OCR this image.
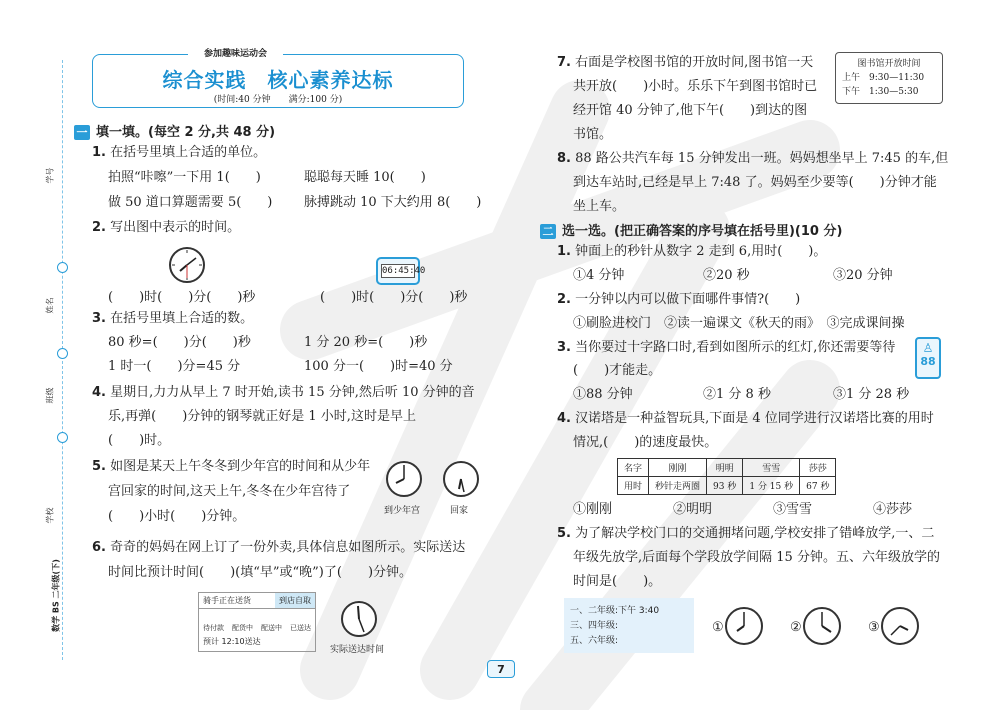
学号
姓名
班级
学校
数学 BS 二年级(下)
参加趣味运动会
综合实践　核心素养达标
(时间:40 分钟　　满分:100 分)
一 填一填。(每空 2 分,共 48 分)
1. 在括号里填上合适的单位。
拍照“咔嚓”一下用 1(　　)	聪聪每天睡 10(　　)
做 50 道口算题需要 5(　　) 脉搏跳动 10 下大约用 8(　　)
2. 写出图中表示的时间。
06:45:40
(　　)时(　　)分(　　)秒	(　　)时(　　)分(　　)秒
3. 在括号里填上合适的数。
80 秒=(　　)分(　　)秒	1 分 20 秒=(　　)秒
1 时一(　　)分=45 分	100 分一(　　)时=40 分
4. 星期日,力力从早上 7 时开始,读书 15 分钟,然后听 10 分钟的音
乐,再弹(　　)分钟的钢琴就正好是 1 小时,这时是早上
(　　)时。
5. 如图是某天上午冬冬到少年宫的时间和从少年
宫回家的时间,这天上午,冬冬在少年宫待了
(　　)小时(　　)分钟。	到少年宫	回家
6. 奇奇的妈妈在网上订了一份外卖,具体信息如图所示。实际送达
时间比预计时间(　　)(填“早”或“晚”)了(　　)分钟。
骑手正在送货	到店自取
待付款 配货中 配送中 已送达
预计 12:10送达
实际送达时间
7. 右面是学校图书馆的开放时间,图书馆一天
共开放(　　)小时。乐乐下午到图书馆时已
经开馆 40 分钟了,他下午(　　)到达的图
书馆。
图书馆开放时间
上午　9:30—11:30
下午　1:30—5:30
8. 88 路公共汽车每 15 分钟发出一班。妈妈想坐早上 7:45 的车,但
到达车站时,已经是早上 7:48 了。妈妈至少要等(　　)分钟才能
坐上车。
二 选一选。(把正确答案的序号填在括号里)(10 分)
1. 钟面上的秒针从数字 2 走到 6,用时(　　)。
①4 分钟	②20 秒	③20 分钟
2. 一分钟以内可以做下面哪件事情?(　　)
①刷脸进校门　②读一遍课文《秋天的雨》　③完成课间操
3. 当你要过十字路口时,看到如图所示的红灯,你还需要等待
(　　)才能走。
♙
88
①88 分钟	②1 分 8 秒	③1 分 28 秒
4. 汉诺塔是一种益智玩具,下面是 4 位同学进行汉诺塔比赛的用时
情况,(　　)的速度最快。
名字	刚刚	明明	雪雪	莎莎
用时	秒针走两圈	93 秒	1 分 15 秒	67 秒
①刚刚	②明明	③雪雪	④莎莎
5. 为了解决学校门口的交通拥堵问题,学校安排了错峰放学,一、二
年级先放学,后面每个学段放学间隔 15 分钟。五、六年级放学的
时间是(　　)。
一、二年级:下午 3:40
三、四年级:
五、六年级:
①	②	③
7
